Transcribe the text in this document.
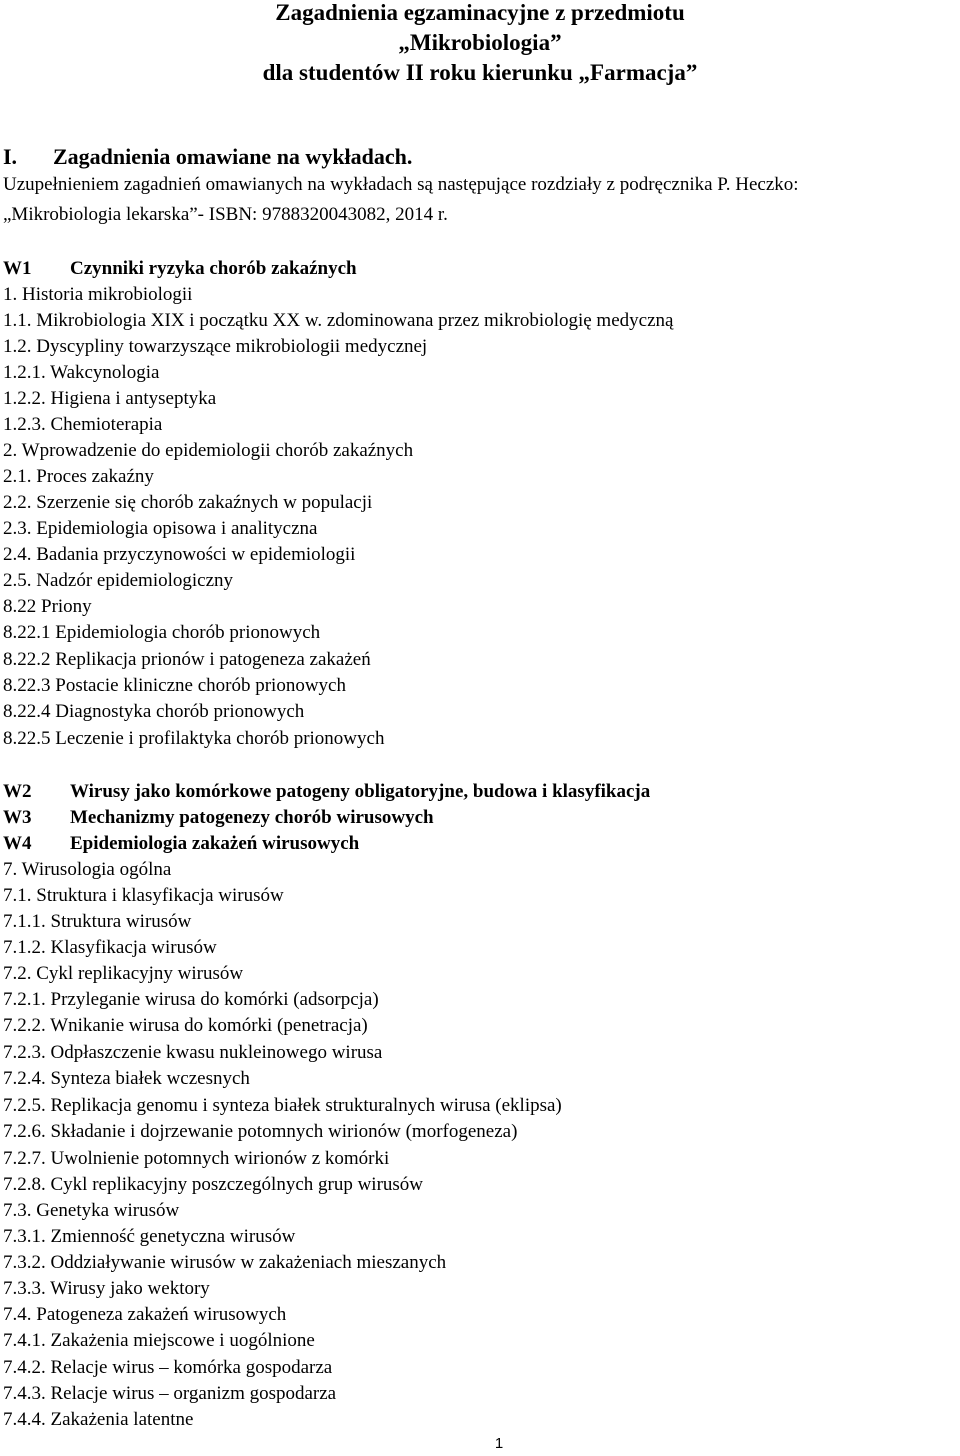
Zagadnienia egzaminacyjne z przedmiotu
„Mikrobiologia”
dla studentów II roku kierunku „Farmacja”
I. Zagadnienia omawiane na wykładach.
Uzupełnieniem zagadnień omawianych na wykładach są następujące rozdziały z podręcznika P. Heczko:
„Mikrobiologia lekarska”- ISBN: 9788320043082, 2014 r.
W1 Czynniki ryzyka chorób zakaźnych
1. Historia mikrobiologii
1.1. Mikrobiologia XIX i początku XX w. zdominowana przez mikrobiologię medyczną
1.2. Dyscypliny towarzyszące mikrobiologii medycznej
1.2.1. Wakcynologia
1.2.2. Higiena i antyseptyka
1.2.3. Chemioterapia
2. Wprowadzenie do epidemiologii chorób zakaźnych
2.1. Proces zakaźny
2.2. Szerzenie się chorób zakaźnych w populacji
2.3. Epidemiologia opisowa i analityczna
2.4. Badania przyczynowości w epidemiologii
2.5. Nadzór epidemiologiczny
8.22 Priony
8.22.1 Epidemiologia chorób prionowych
8.22.2 Replikacja prionów i patogeneza zakażeń
8.22.3 Postacie kliniczne chorób prionowych
8.22.4 Diagnostyka chorób prionowych
8.22.5 Leczenie i profilaktyka chorób prionowych
W2 Wirusy jako komórkowe patogeny obligatoryjne, budowa i klasyfikacja
W3 Mechanizmy patogenezy chorób wirusowych
W4 Epidemiologia zakażeń wirusowych
7. Wirusologia ogólna
7.1. Struktura i klasyfikacja wirusów
7.1.1. Struktura wirusów
7.1.2. Klasyfikacja wirusów
7.2. Cykl replikacyjny wirusów
7.2.1. Przyleganie wirusa do komórki (adsorpcja)
7.2.2. Wnikanie wirusa do komórki (penetracja)
7.2.3. Odpłaszczenie kwasu nukleinowego wirusa
7.2.4. Synteza białek wczesnych
7.2.5. Replikacja genomu i synteza białek strukturalnych wirusa (eklipsa)
7.2.6. Składanie i dojrzewanie potomnych wirionów (morfogeneza)
7.2.7. Uwolnienie potomnych wirionów z komórki
7.2.8. Cykl replikacyjny poszczególnych grup wirusów
7.3. Genetyka wirusów
7.3.1. Zmienność genetyczna wirusów
7.3.2. Oddziaływanie wirusów w zakażeniach mieszanych
7.3.3. Wirusy jako wektory
7.4. Patogeneza zakażeń wirusowych
7.4.1. Zakażenia miejscowe i uogólnione
7.4.2. Relacje wirus – komórka gospodarza
7.4.3. Relacje wirus – organizm gospodarza
7.4.4. Zakażenia latentne
1
